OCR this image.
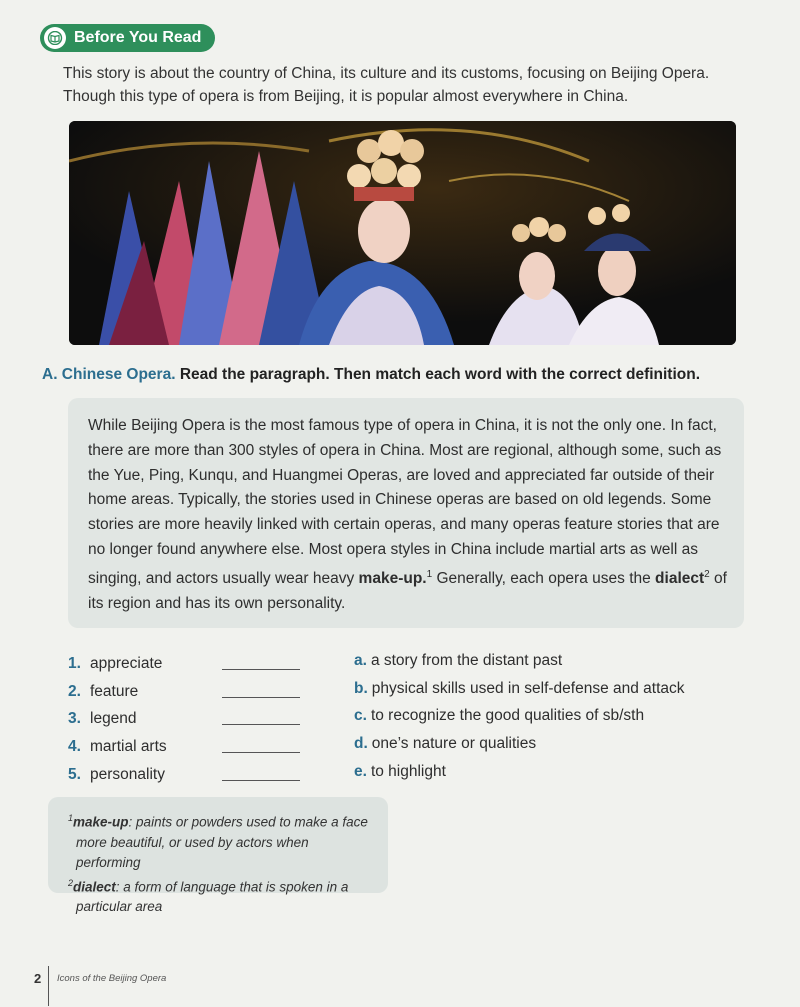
Before You Read
This story is about the country of China, its culture and its customs, focusing on Beijing Opera.
Though this type of opera is from Beijing, it is popular almost everywhere in China.
A. Chinese Opera. Read the paragraph. Then match each word with the correct definition.
While Beijing Opera is the most famous type of opera in China, it is not the only one. In fact, there are more than 300 styles of opera in China. Most are regional, although some, such as the Yue, Ping, Kunqu, and Huangmei Operas, are loved and appreciated far outside of their home areas. Typically, the stories used in Chinese operas are based on old legends. Some stories are more heavily linked with certain operas, and many operas feature stories that are no longer found anywhere else. Most opera styles in China include martial arts as well as singing, and actors usually wear heavy make-up.$^1$ Generally, each opera uses the dialect$^2$ of its region and has its own personality.
1. appreciate
2. feature
3. legend
4. martial arts
5. personality
a. a story from the distant past
b. physical skills used in self-defense and attack
c. to recognize the good qualities of sb/sth
d. one’s nature or qualities
e. to highlight
$^1$make-up: paints or powders used to make a face
more beautiful, or used by actors when performing
$^2$dialect: a form of language that is spoken in a
particular area
2 Icons of the Beijing Opera
